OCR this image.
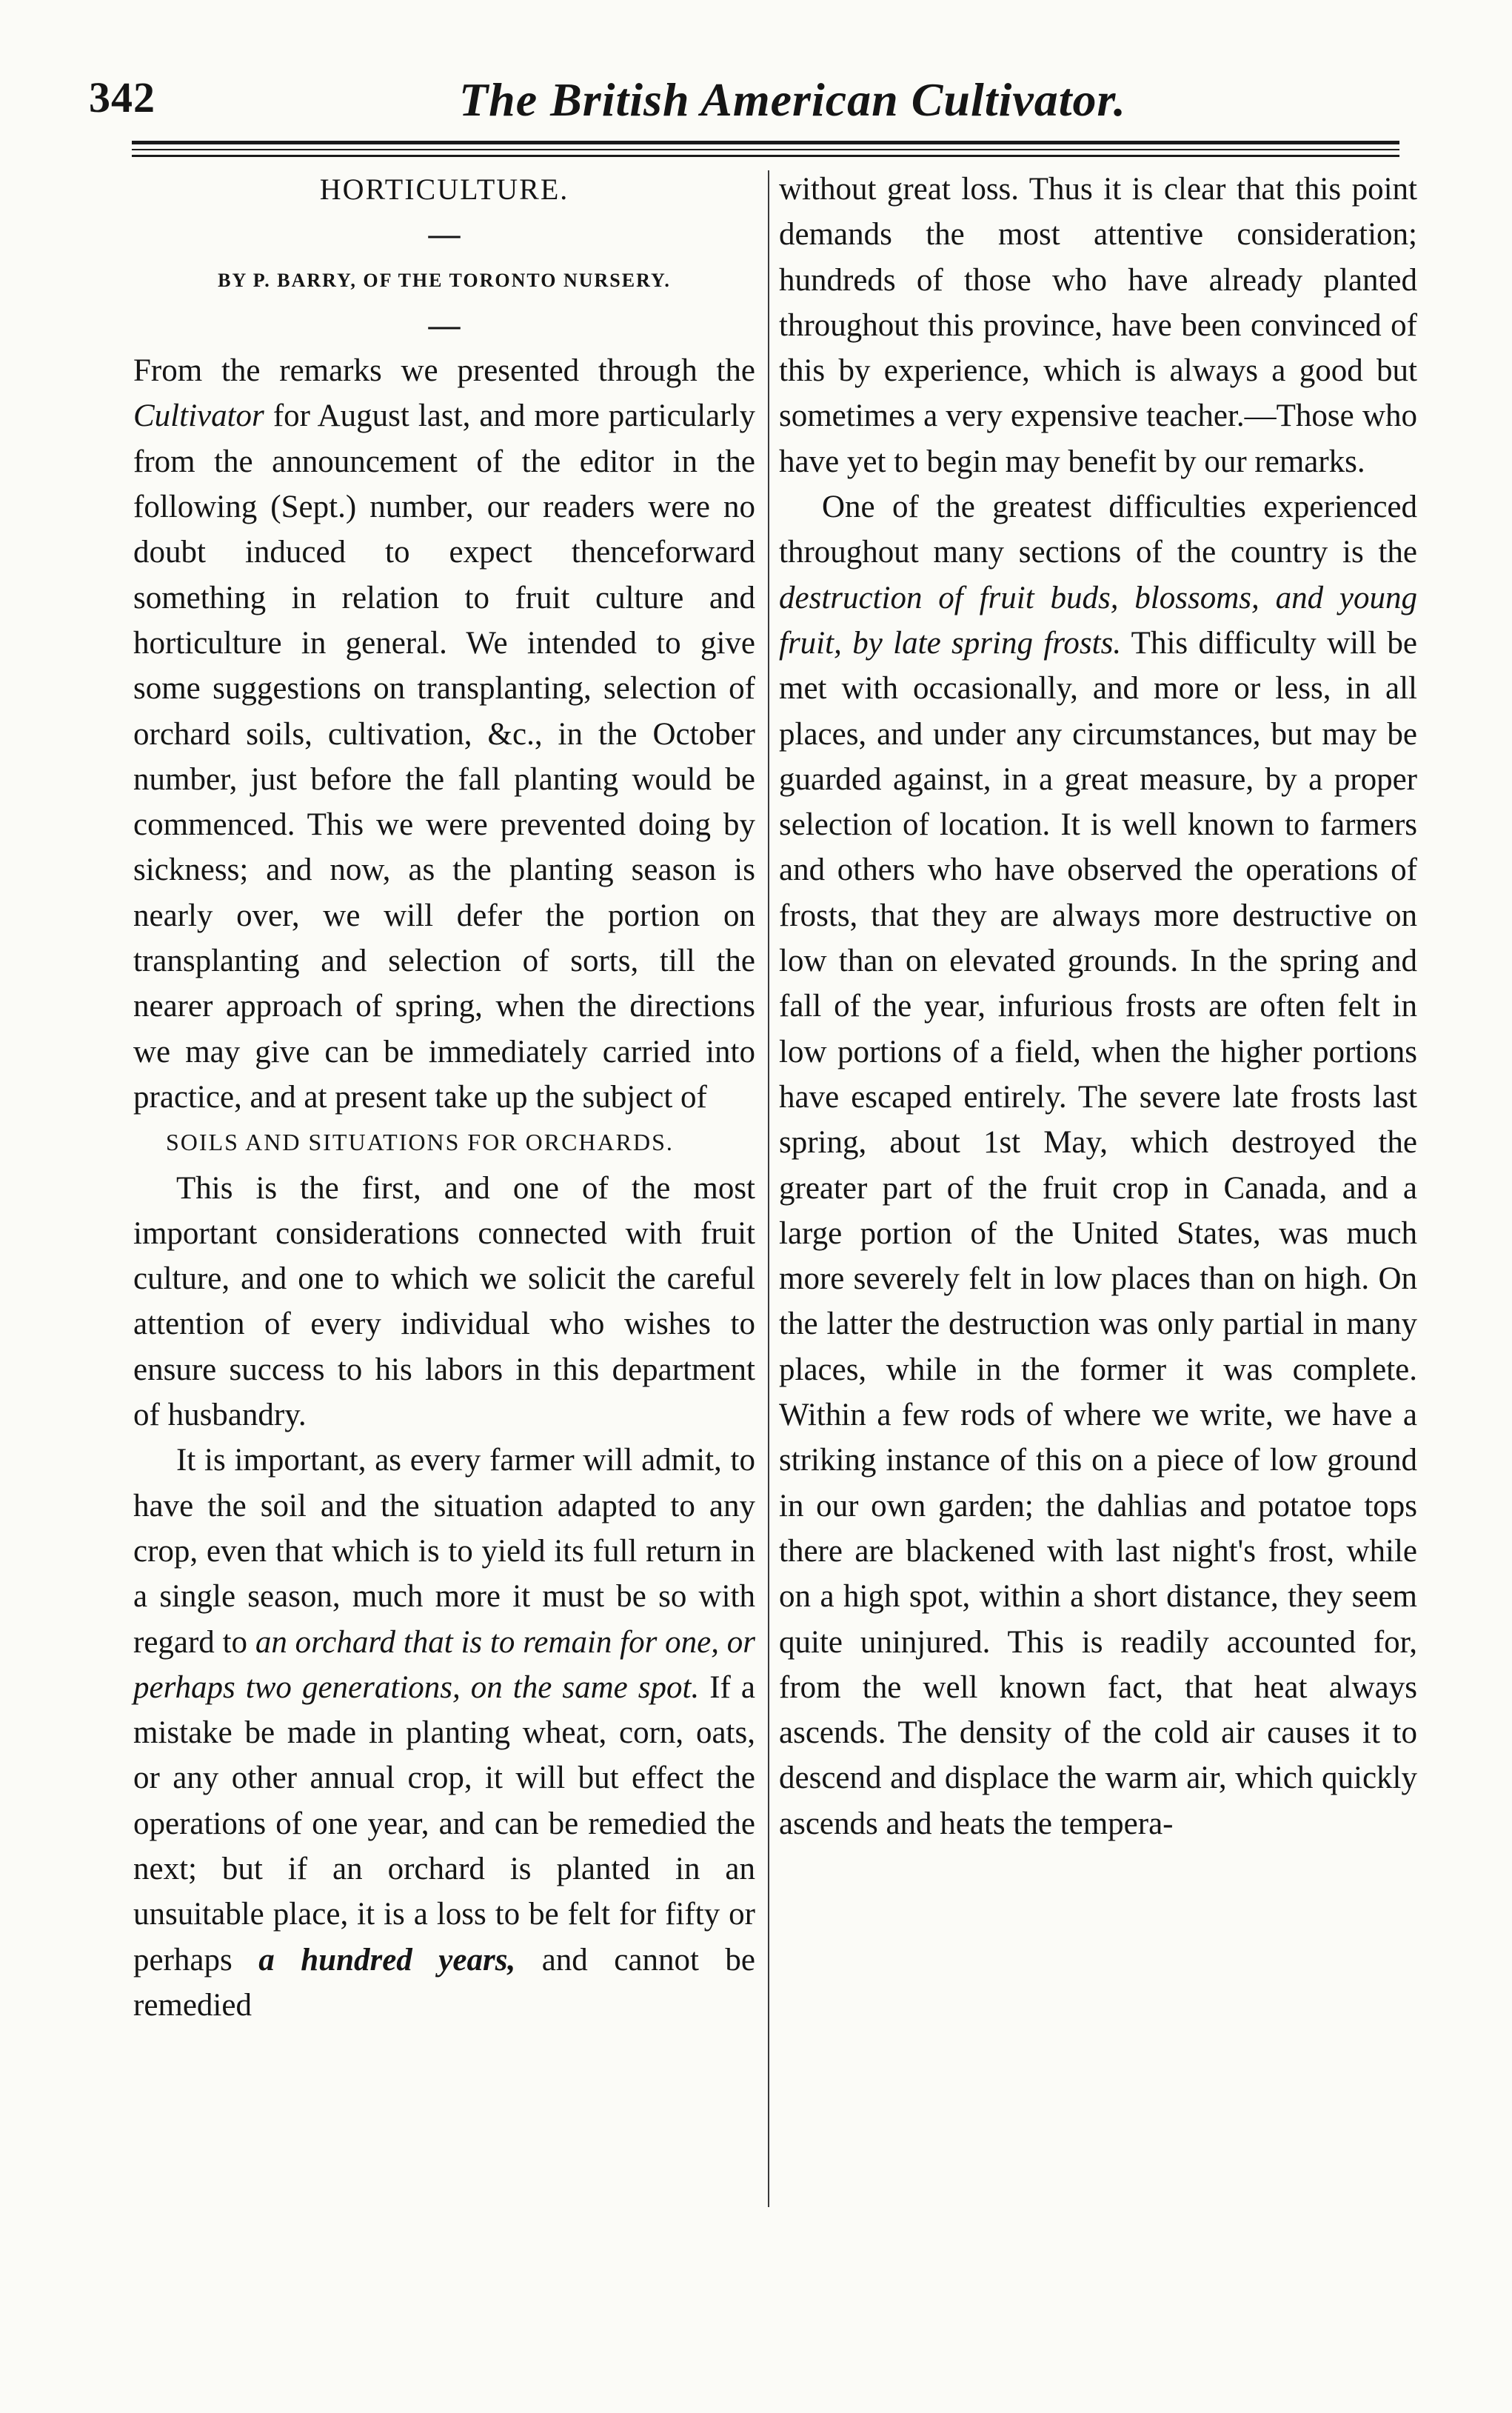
342	The British American Cultivator.

HORTICULTURE.

—

BY P. BARRY, OF THE TORONTO NURSERY.

—

From the remarks we presented through the Cultivator for August last, and more particularly from the announcement of the editor in the following (Sept.) number, our readers were no doubt induced to expect thenceforward something in relation to fruit culture and horticulture in general. We intended to give some suggestions on transplanting, selection of orchard soils, cultivation, &c., in the October number, just before the fall planting would be commenced. This we were prevented doing by sickness; and now, as the planting season is nearly over, we will defer the portion on transplanting and selection of sorts, till the nearer approach of spring, when the directions we may give can be immediately carried into practice, and at present take up the subject of

SOILS AND SITUATIONS FOR ORCHARDS.

This is the first, and one of the most important considerations connected with fruit culture, and one to which we solicit the careful attention of every individual who wishes to ensure success to his labors in this department of husbandry.

It is important, as every farmer will admit, to have the soil and the situation adapted to any crop, even that which is to yield its full return in a single season, much more it must be so with regard to an orchard that is to remain for one, or perhaps two generations, on the same spot. If a mistake be made in planting wheat, corn, oats, or any other annual crop, it will but effect the operations of one year, and can be remedied the next; but if an orchard is planted in an unsuitable place, it is a loss to be felt for fifty or perhaps a hundred years, and cannot be remedied

without great loss. Thus it is clear that this point demands the most attentive consideration; hundreds of those who have already planted throughout this province, have been convinced of this by experience, which is always a good but sometimes a very expensive teacher.—Those who have yet to begin may benefit by our remarks.

One of the greatest difficulties experienced throughout many sections of the country is the destruction of fruit buds, blossoms, and young fruit, by late spring frosts. This difficulty will be met with occasionally, and more or less, in all places, and under any circumstances, but may be guarded against, in a great measure, by a proper selection of location. It is well known to farmers and others who have observed the operations of frosts, that they are always more destructive on low than on elevated grounds. In the spring and fall of the year, infurious frosts are often felt in low portions of a field, when the higher portions have escaped entirely. The severe late frosts last spring, about 1st May, which destroyed the greater part of the fruit crop in Canada, and a large portion of the United States, was much more severely felt in low places than on high. On the latter the destruction was only partial in many places, while in the former it was complete. Within a few rods of where we write, we have a striking instance of this on a piece of low ground in our own garden; the dahlias and potatoe tops there are blackened with last night's frost, while on a high spot, within a short distance, they seem quite uninjured. This is readily accounted for, from the well known fact, that heat always ascends. The density of the cold air causes it to descend and displace the warm air, which quickly ascends and heats the tempera-
